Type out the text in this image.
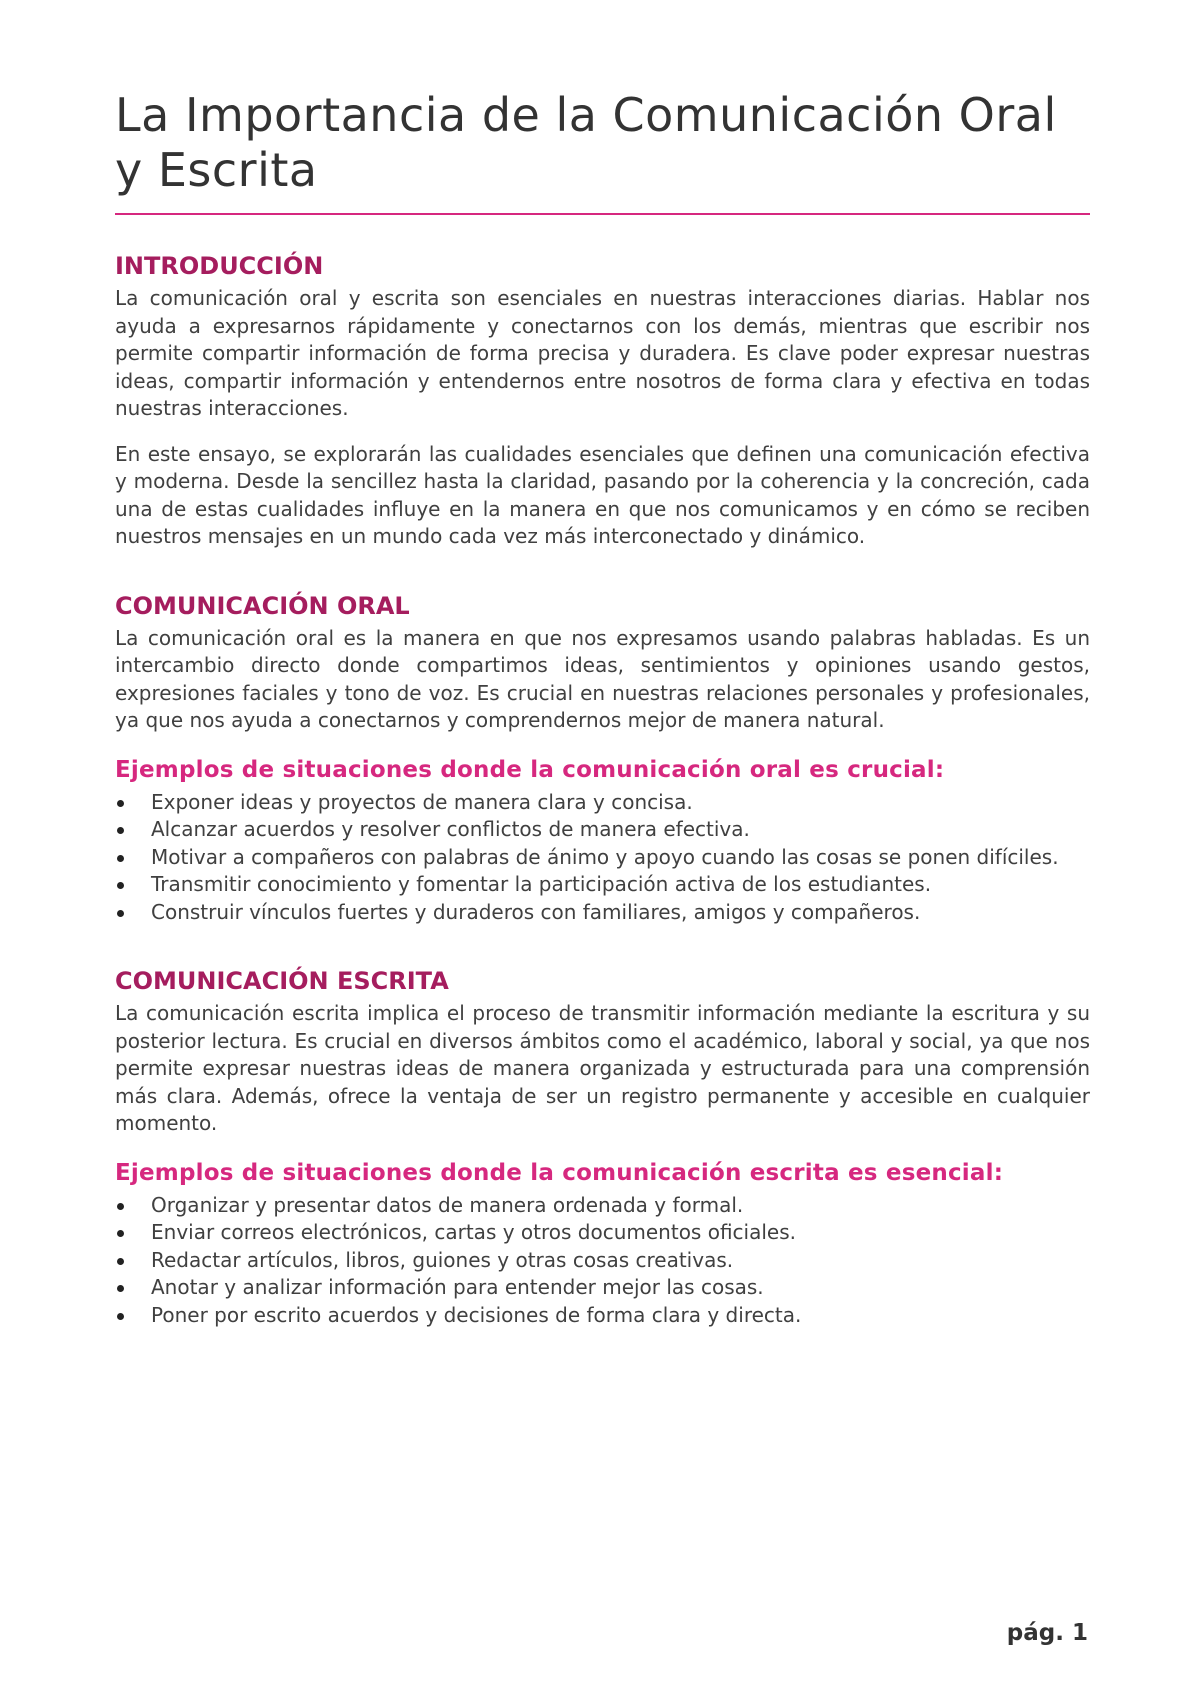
La Importancia de la Comunicación Oral y Escrita
INTRODUCCIÓN

La comunicación oral y escrita son esenciales en nuestras interacciones diarias. Hablar nos ayuda a expresarnos rápidamente y conectarnos con los demás, mientras que escribir nos permite compartir información de forma precisa y duradera. Es clave poder expresar nuestras ideas, compartir información y entendernos entre nosotros de forma clara y efectiva en todas nuestras interacciones.

En este ensayo, se explorarán las cualidades esenciales que definen una comunicación efectiva y moderna. Desde la sencillez hasta la claridad, pasando por la coherencia y la concreción, cada una de estas cualidades influye en la manera en que nos comunicamos y en cómo se reciben nuestros mensajes en un mundo cada vez más interconectado y dinámico.

COMUNICACIÓN ORAL

La comunicación oral es la manera en que nos expresamos usando palabras habladas. Es un intercambio directo donde compartimos ideas, sentimientos y opiniones usando gestos, expresiones faciales y tono de voz. Es crucial en nuestras relaciones personales y profesionales, ya que nos ayuda a conectarnos y comprendernos mejor de manera natural.

Ejemplos de situaciones donde la comunicación oral es crucial:
Exponer ideas y proyectos de manera clara y concisa.
Alcanzar acuerdos y resolver conflictos de manera efectiva.
Motivar a compañeros con palabras de ánimo y apoyo cuando las cosas se ponen difíciles.
Transmitir conocimiento y fomentar la participación activa de los estudiantes.
Construir vínculos fuertes y duraderos con familiares, amigos y compañeros.
COMUNICACIÓN ESCRITA

La comunicación escrita implica el proceso de transmitir información mediante la escritura y su posterior lectura. Es crucial en diversos ámbitos como el académico, laboral y social, ya que nos permite expresar nuestras ideas de manera organizada y estructurada para una comprensión más clara. Además, ofrece la ventaja de ser un registro permanente y accesible en cualquier momento.

Ejemplos de situaciones donde la comunicación escrita es esencial:
Organizar y presentar datos de manera ordenada y formal.
Enviar correos electrónicos, cartas y otros documentos oficiales.
Redactar artículos, libros, guiones y otras cosas creativas.
Anotar y analizar información para entender mejor las cosas.
Poner por escrito acuerdos y decisiones de forma clara y directa.
pág. 1
